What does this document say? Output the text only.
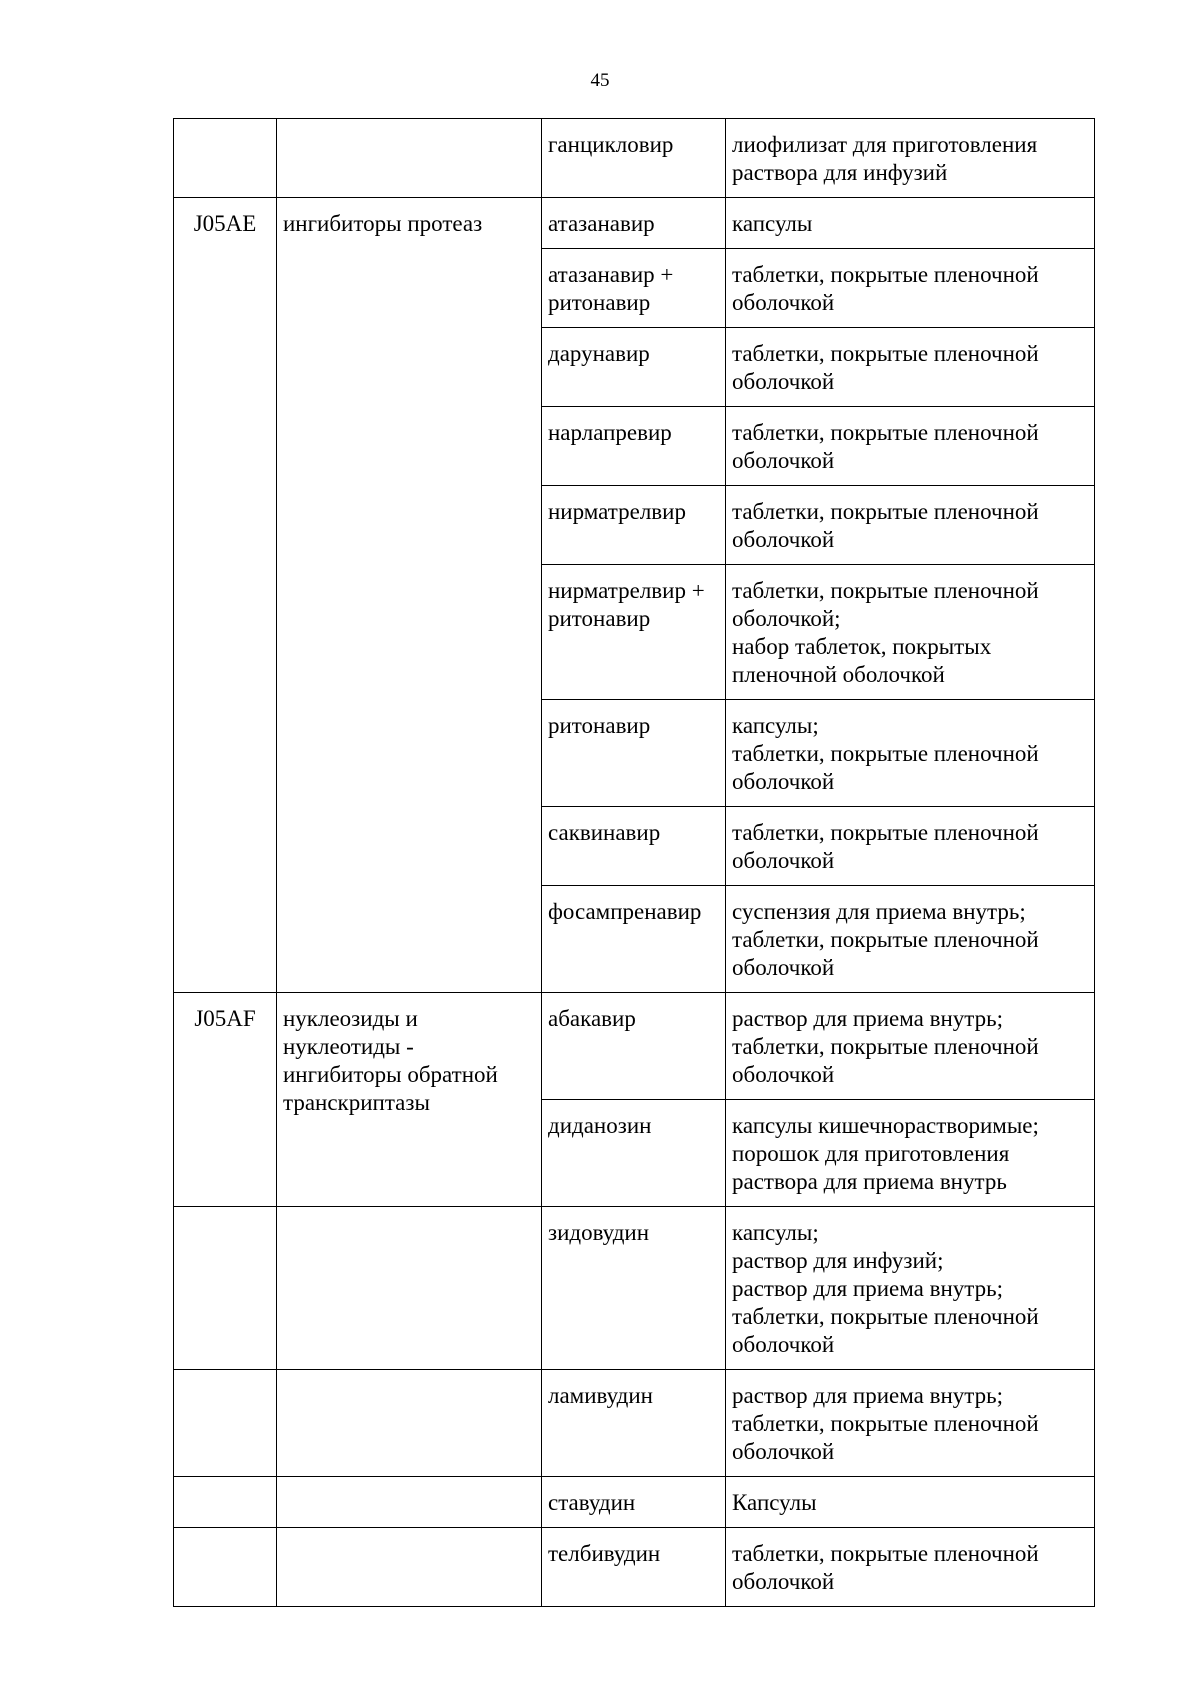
45
		ганцикловир	лиофилизат для приготовления раствора для инфузий

J05AE	ингибиторы протеаз	атазанавир	капсулы

		атазанавир + ритонавир	таблетки, покрытые пленочной оболочкой

		дарунавир	таблетки, покрытые пленочной оболочкой

		нарлапревир	таблетки, покрытые пленочной оболочкой

		нирматрелвир	таблетки, покрытые пленочной оболочкой

		нирматрелвир + ритонавир	таблетки, покрытые пленочной оболочкой;
набор таблеток, покрытых пленочной оболочкой

		ритонавир	капсулы;
таблетки, покрытые пленочной оболочкой

		саквинавир	таблетки, покрытые пленочной оболочкой

		фосампренавир	суспензия для приема внутрь;
таблетки, покрытые пленочной оболочкой

J05AF	нуклеозиды и нуклеотиды - ингибиторы обратной транскриптазы	абакавир	раствор для приема внутрь;
таблетки, покрытые пленочной оболочкой

		диданозин	капсулы кишечнорастворимые;
порошок для приготовления раствора для приема внутрь

		зидовудин	капсулы;
раствор для инфузий;
раствор для приема внутрь;
таблетки, покрытые пленочной оболочкой

		ламивудин	раствор для приема внутрь;
таблетки, покрытые пленочной оболочкой

		ставудин	Капсулы

		телбивудин	таблетки, покрытые пленочной оболочкой
